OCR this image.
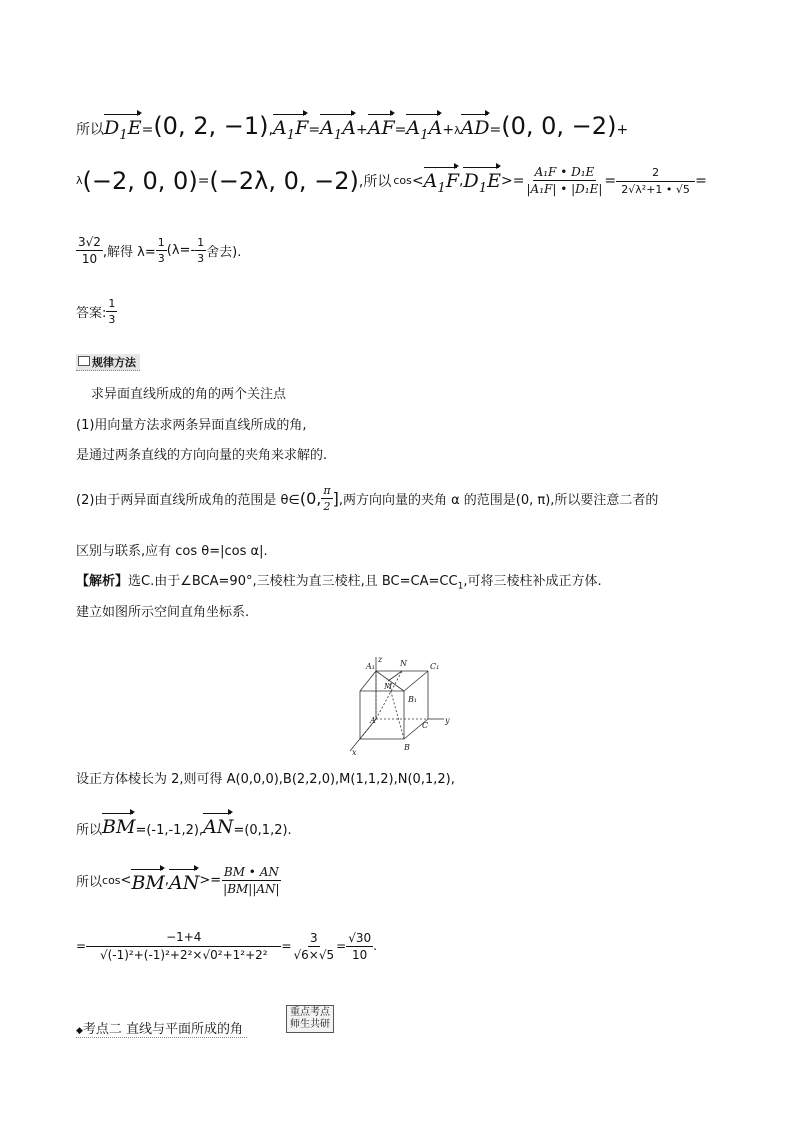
所以$D_1E=(0$, 2, $-1),A_1F=A_1A+AF=A_1A+\lambda AD=(0$, 0, −2)+
λ (−2, 0, 0) = (−2λ, 0, −2) ,所以 $\cos < A_1F$ , $D_1E >= \frac{\text{A₁F • D₁E}}{\text{|A₁F| • |D₁E|}} = \frac{2}{\text{2√λ²+1 • √5}}$ =
$\frac{3√2}{10}$ ,解得 $\lambda= \frac{1}{3} (\lambda=- \frac{1}{3}$ 舍去).
答案: $\frac{1}{3}$
规律方法
求异面直线所成的角的两个关注点
(1)用向量方法求两条异面直线所成的角,
是通过两条直线的方向向量的夹角来求解的.
(2)由于两异面直线所成角的范围是 θ∈ (0, $\frac{\pi}{2}$ ] ,两方向向量的夹角 α 的范围是(0, π),所以要注意二者的
区别与联系,应有 cos θ=|cos α|.
【解析】选C.由于∠BCA=90°,三棱柱为直三棱柱,且 $BC=CA=CC_1$,可将三棱柱补成正方体.
建立如图所示空间直角坐标系.
z
A₁	N	C₁
M
B₁
A
C
y
x
B
设正方体棱长为 2,则可得 A(0,0,0),B(2,2,0),M(1,1,2),N(0,1,2),
所以 BM =(-1,-1,2), AN =(0,1,2).
所以 cos < BM , AN >= $\frac{BM • AN}{|BM||AN|}$
= $\frac{-1+4}{\text{√(-1)²+(-1)²+2²×√0²+1²+2²}} = \frac{3}{√6\times√5} = \frac{√30}{10}$ .
◆考点二 直线与平面所成的角
重点考点
师生共研
